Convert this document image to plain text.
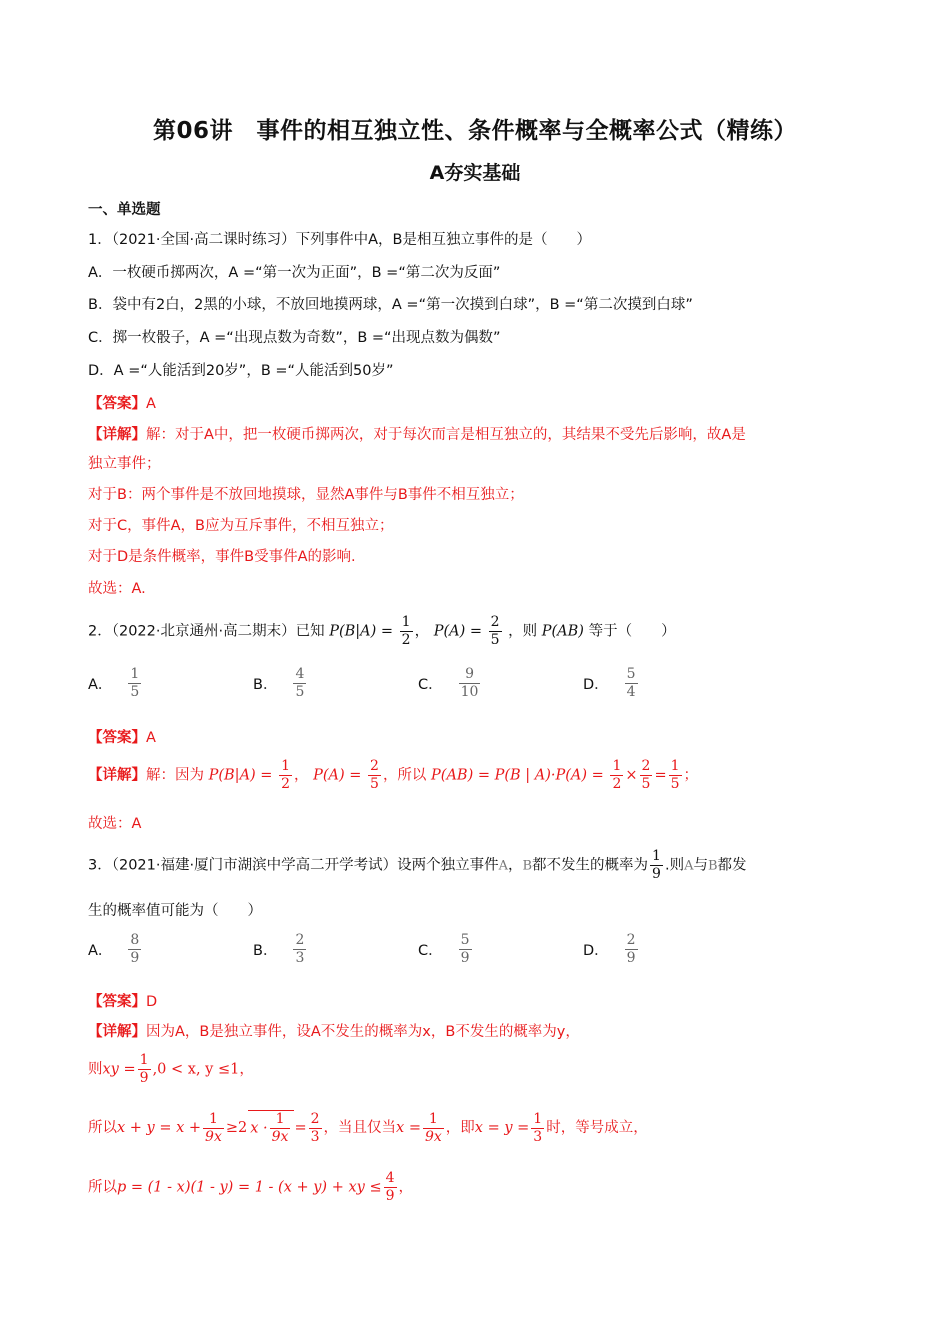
第06讲　事件的相互独立性、条件概率与全概率公式（精练）
A夯实基础
一、单选题
1．（2021·全国·高二课时练习）下列事件中A，B是相互独立事件的是（　　）
A．一枚硬币掷两次，A =“第一次为正面”，B =“第二次为反面”
B．袋中有2白，2黑的小球，不放回地摸两球，A =“第一次摸到白球”，B =“第二次摸到白球”
C．掷一枚骰子，A =“出现点数为奇数”，B =“出现点数为偶数”
D．A =“人能活到20岁”，B =“人能活到50岁”
【答案】A
【详解】解：对于A中，把一枚硬币掷两次，对于每次而言是相互独立的，其结果不受先后影响，故A是
独立事件；
对于B：两个事件是不放回地摸球，显然A事件与B事件不相互独立；
对于C，事件A，B应为互斥事件，不相互独立；
对于D是条件概率，事件B受事件A的影响.
故选：A.
2．（2022·北京通州·高二期末）已知 $P(B|A) = \frac{1}{2}$ ， $P(A) = \frac{2}{5}$ ，则 P(AB) 等于（　　）
A． $\frac{1}{5}$	B． $\frac{4}{5}$	C． $\frac{9}{10}$	D． $\frac{5}{4}$
【答案】A
【详解】解：因为 $P(B|A) = \frac{1}{2}$ ， $P(A) = \frac{2}{5}$ ，所以 P(AB) = P(B | $A)\cdot P(A) = \frac{1}{2} \times \frac{2}{5} = \frac{1}{5}$ ；
故选：A
3．（2021·福建·厦门市湖滨中学高二开学考试）设两个独立事件A，B都不发生的概率为 $\frac{1}{9}$ .则A与B都发
生的概率值可能为（　　）
A． $\frac{8}{9}$	B． $\frac{2}{3}$	C． $\frac{5}{9}$	D． $\frac{2}{9}$
【答案】D
【详解】因为A，B是独立事件，设A不发生的概率为x，B不发生的概率为y，
则xy = $\frac{1}{9} ,0 < x$, y ≤1，
所以$x + y = x + \frac{1}{9x} \ge 2$ $x \cdot \frac{1}{9x} = \frac{2}{3}$ ，当且仅当$x = \frac{1}{9x}$ ，即$x = y = \frac{1}{3}$ 时，等号成立，
所以p = (1 - x)(1 - y) = 1 - (x + y) + xy ≤ $\frac{4}{9}$ ，
